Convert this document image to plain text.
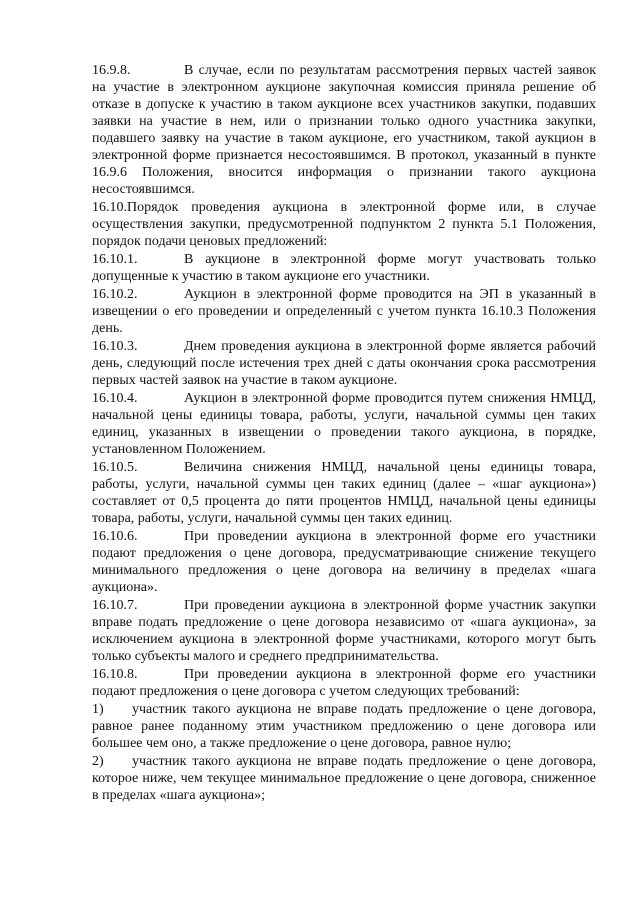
16.9.8.	В случае, если по результатам рассмотрения первых частей заявок на участие в электронном аукционе закупочная комиссия приняла решение об отказе в допуске к участию в таком аукционе всех участников закупки, подавших заявки на участие в нем, или о признании только одного участника закупки, подавшего заявку на участие в таком аукционе, его участником, такой аукцион в электронной форме признается несостоявшимся. В протокол, указанный в пункте 16.9.6 Положения, вносится информация о признании такого аукциона несостоявшимся.

16.10.Порядок проведения аукциона в электронной форме или, в случае осуществления закупки, предусмотренной подпунктом 2 пункта 5.1 Положения, порядок подачи ценовых предложений:

16.10.1.	В аукционе в электронной форме могут участвовать только допущенные к участию в таком аукционе его участники.

16.10.2.	Аукцион в электронной форме проводится на ЭП в указанный в извещении о его проведении и определенный с учетом пункта 16.10.3 Положения день.

16.10.3.	Днем проведения аукциона в электронной форме является рабочий день, следующий после истечения трех дней с даты окончания срока рассмотрения первых частей заявок на участие в таком аукционе.

16.10.4.	Аукцион в электронной форме проводится путем снижения НМЦД, начальной цены единицы товара, работы, услуги, начальной суммы цен таких единиц, указанных в извещении о проведении такого аукциона, в порядке, установленном Положением.

16.10.5.	Величина снижения НМЦД, начальной цены единицы товара, работы, услуги, начальной суммы цен таких единиц (далее – «шаг аукциона») составляет от 0,5 процента до пяти процентов НМЦД, начальной цены единицы товара, работы, услуги, начальной суммы цен таких единиц.

16.10.6.	При проведении аукциона в электронной форме его участники подают предложения о цене договора, предусматривающие снижение текущего минимального предложения о цене договора на величину в пределах «шага аукциона».

16.10.7.	При проведении аукциона в электронной форме участник закупки вправе подать предложение о цене договора независимо от «шага аукциона», за исключением аукциона в электронной форме участниками, которого могут быть только субъекты малого и среднего предпринимательства.

16.10.8.	При проведении аукциона в электронной форме его участники подают предложения о цене договора с учетом следующих требований:

1) участник такого аукциона не вправе подать предложение о цене договора, равное ранее поданному этим участником предложению о цене договора или большее чем оно, а также предложение о цене договора, равное нулю;

2) участник такого аукциона не вправе подать предложение о цене договора, которое ниже, чем текущее минимальное предложение о цене договора, сниженное в пределах «шага аукциона»;
